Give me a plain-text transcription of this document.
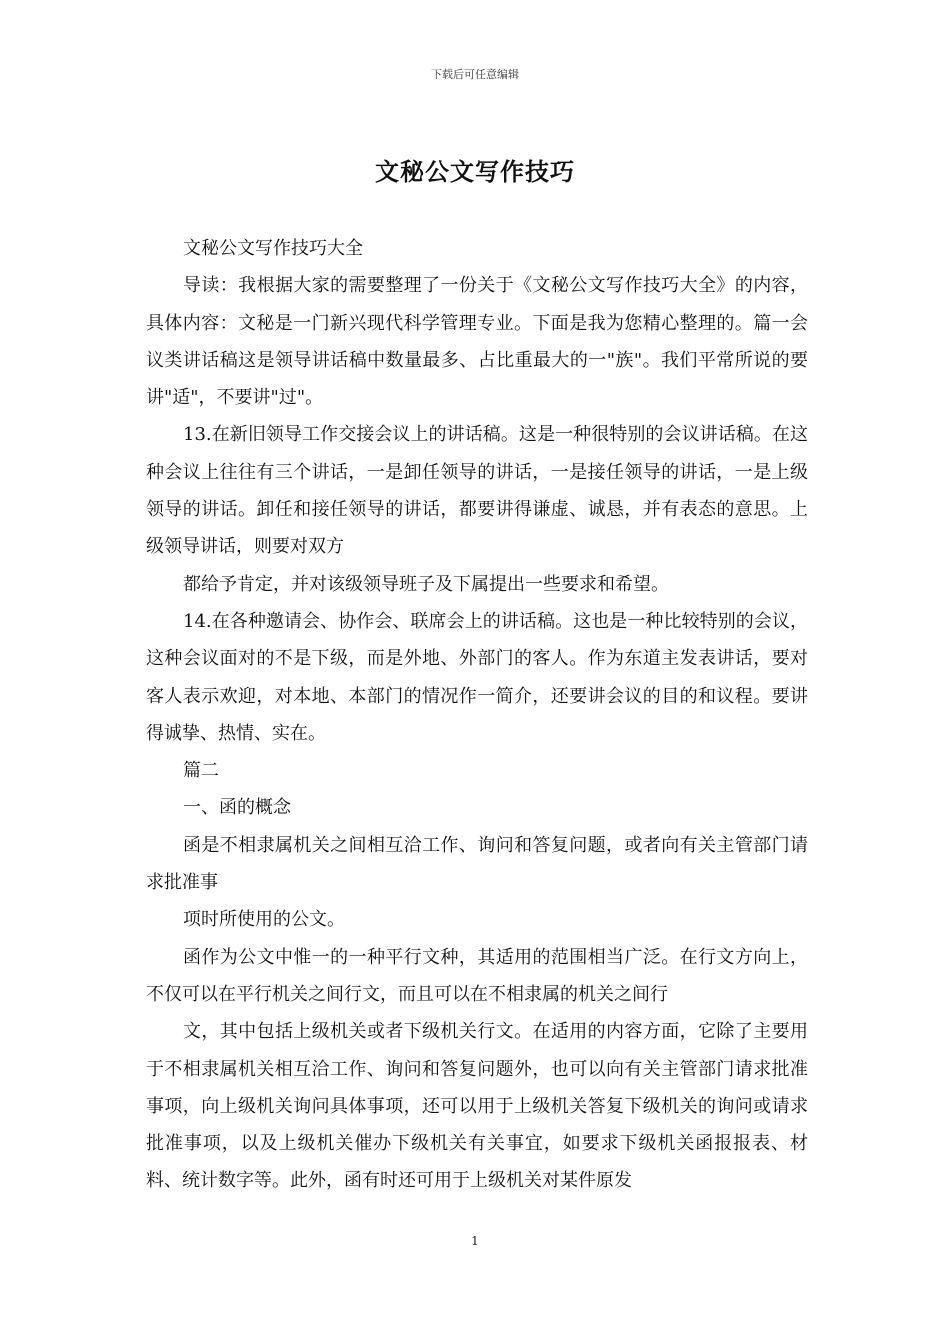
下载后可任意编辑
文秘公文写作技巧

文秘公文写作技巧大全

导读：我根据大家的需要整理了一份关于《文秘公文写作技巧大全》的内容，具体内容：文秘是一门新兴现代科学管理专业。下面是我为您精心整理的。篇一会议类讲话稿这是领导讲话稿中数量最多、占比重最大的一"族"。我们平常所说的要讲"适"，不要讲"过"。

13.在新旧领导工作交接会议上的讲话稿。这是一种很特别的会议讲话稿。在这种会议上往往有三个讲话，一是卸任领导的讲话，一是接任领导的讲话，一是上级领导的讲话。卸任和接任领导的讲话，都要讲得谦虚、诚恳，并有表态的意思。上级领导讲话，则要对双方

都给予肯定，并对该级领导班子及下属提出一些要求和希望。

14.在各种邀请会、协作会、联席会上的讲话稿。这也是一种比较特别的会议，这种会议面对的不是下级，而是外地、外部门的客人。作为东道主发表讲话，要对客人表示欢迎，对本地、本部门的情况作一简介，还要讲会议的目的和议程。要讲得诚挚、热情、实在。

篇二

一、函的概念

函是不相隶属机关之间相互洽工作、询问和答复问题，或者向有关主管部门请求批准事

项时所使用的公文。

函作为公文中惟一的一种平行文种，其适用的范围相当广泛。在行文方向上，不仅可以在平行机关之间行文，而且可以在不相隶属的机关之间行

文，其中包括上级机关或者下级机关行文。在适用的内容方面，它除了主要用于不相隶属机关相互洽工作、询问和答复问题外，也可以向有关主管部门请求批准事项，向上级机关询问具体事项，还可以用于上级机关答复下级机关的询问或请求批准事项，以及上级机关催办下级机关有关事宜，如要求下级机关函报报表、材料、统计数字等。此外，函有时还可用于上级机关对某件原发

1
